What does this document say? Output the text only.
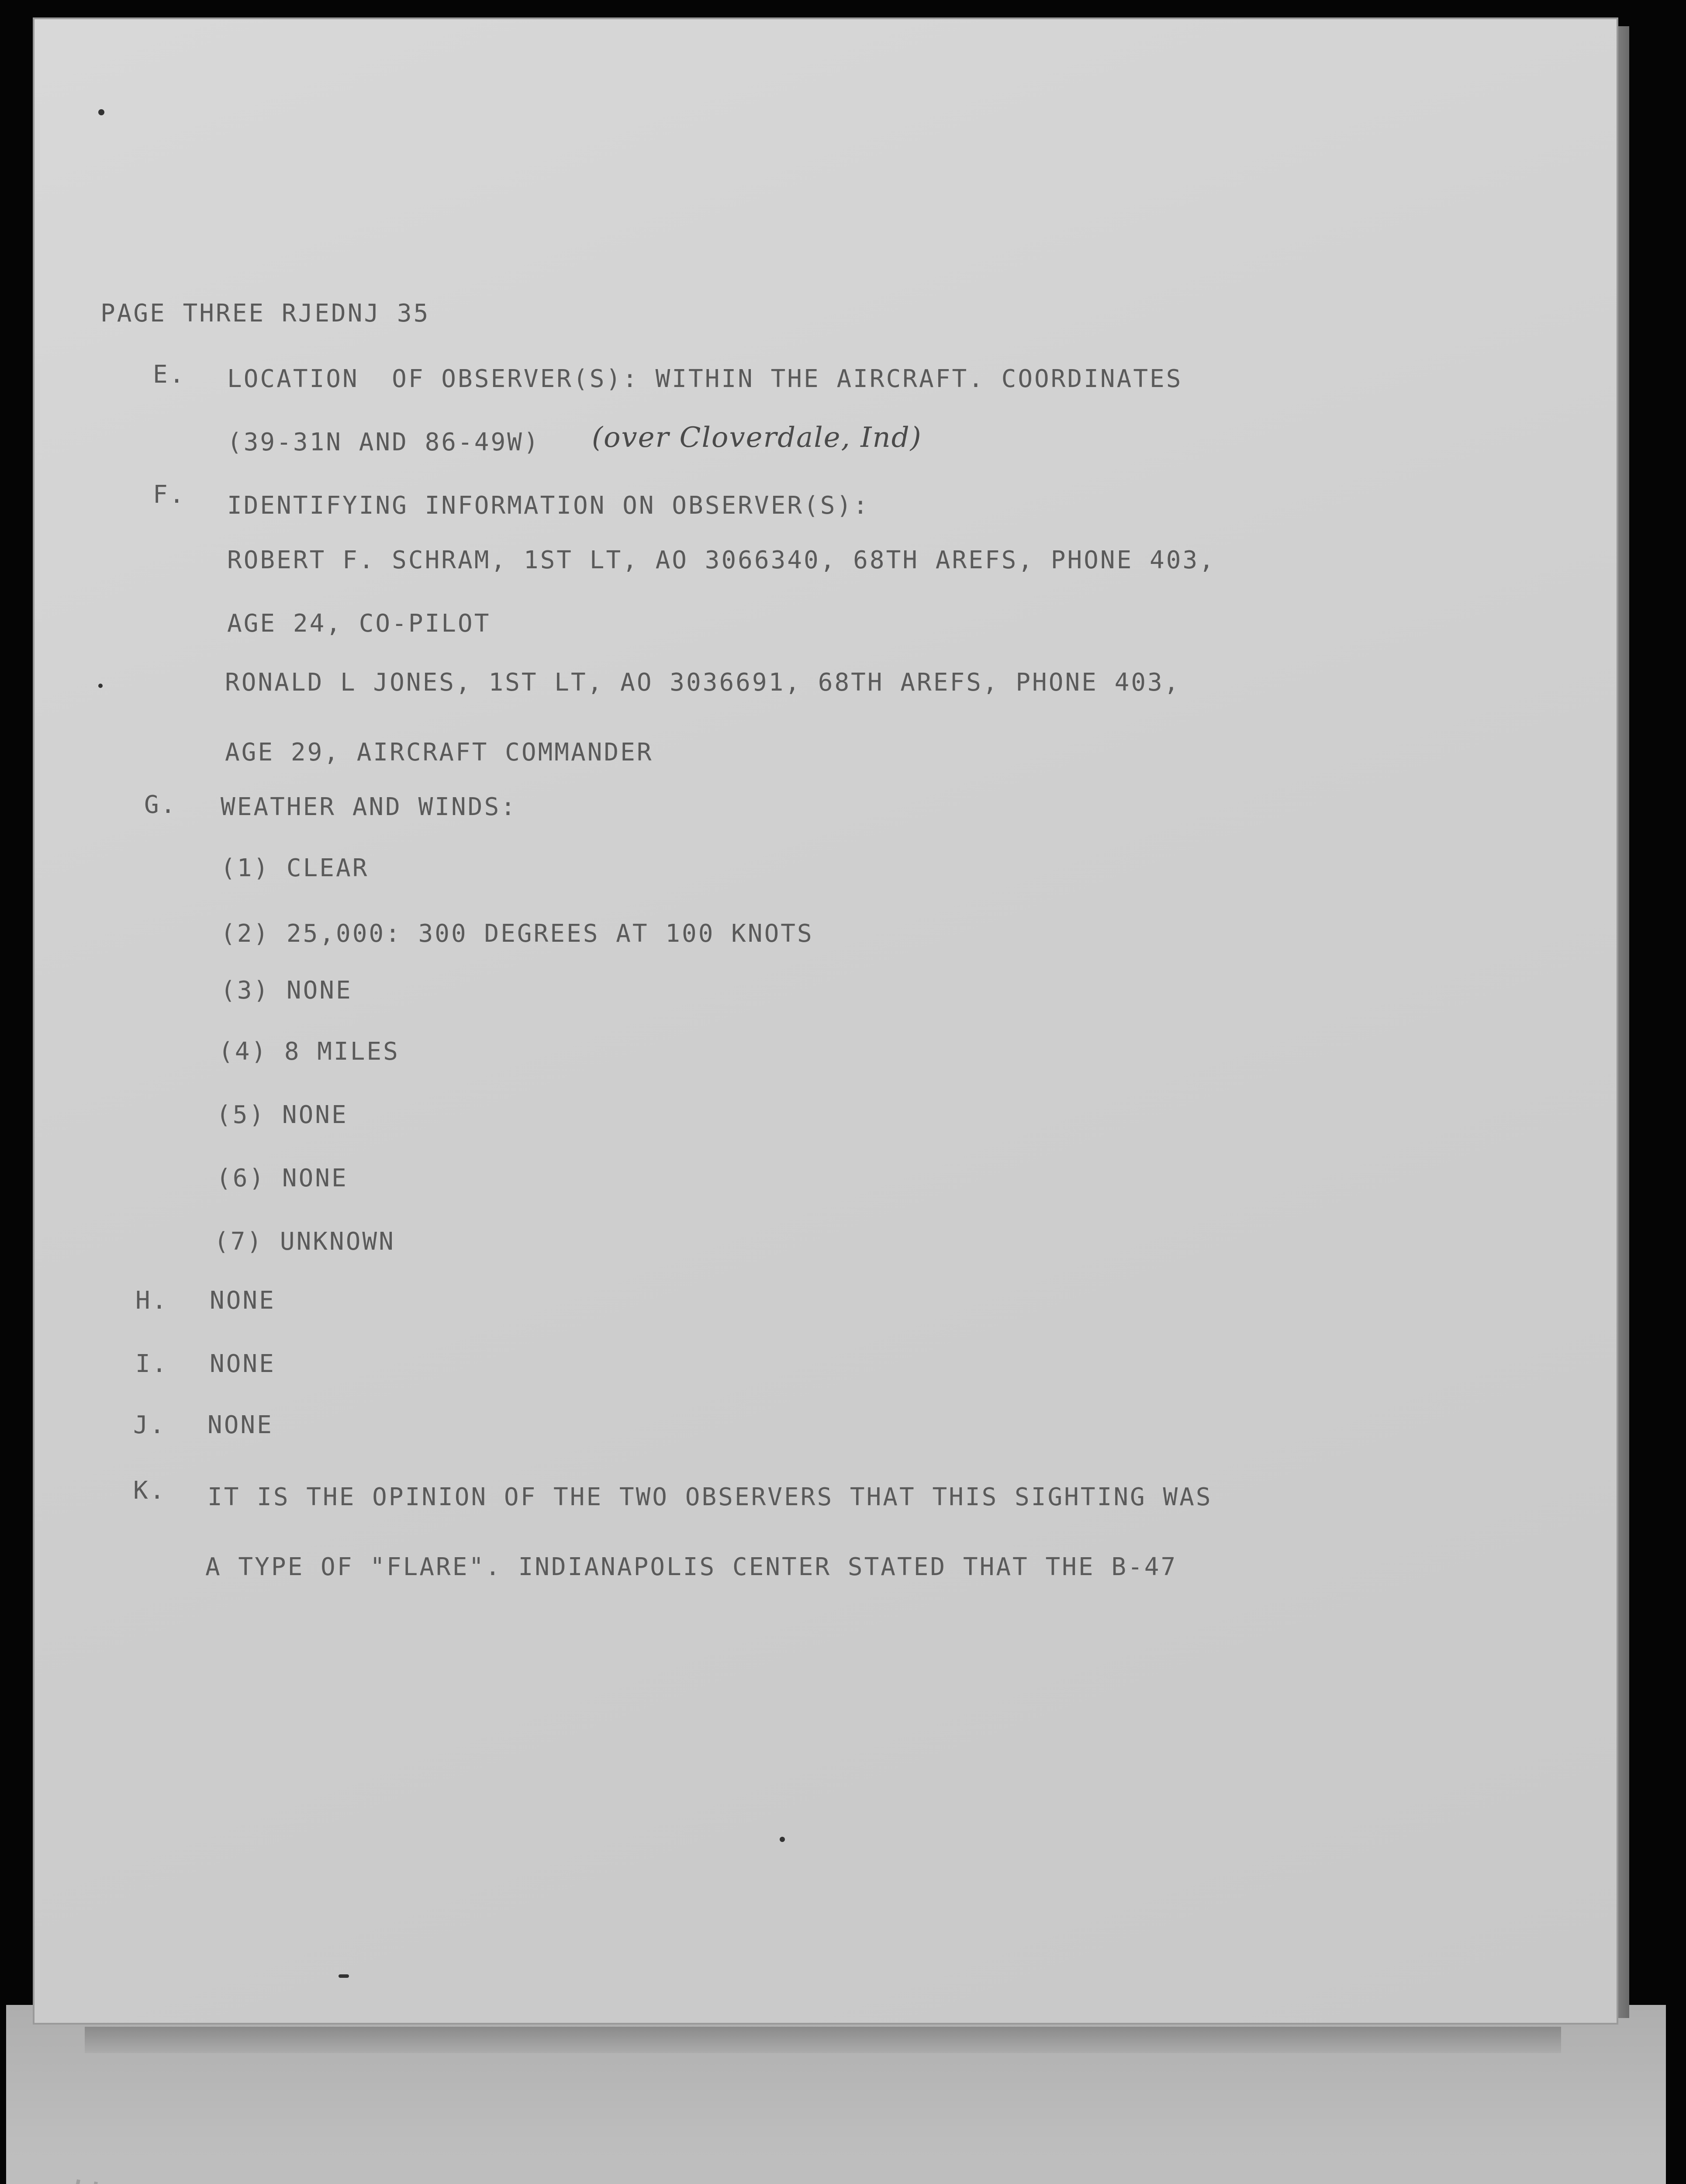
PAGE THREE RJEDNJ 35
E. LOCATION  OF OBSERVER(S): WITHIN THE AIRCRAFT. COORDINATES
(39-31N AND 86-49W) (over Cloverdale, Ind)
F. IDENTIFYING INFORMATION ON OBSERVER(S):
ROBERT F. SCHRAM, 1ST LT, AO 3066340, 68TH AREFS, PHONE 403,
AGE 24, CO-PILOT
RONALD L JONES, 1ST LT, AO 3036691, 68TH AREFS, PHONE 403,
AGE 29, AIRCRAFT COMMANDER
G. WEATHER AND WINDS:
(1) CLEAR
(2) 25,000: 300 DEGREES AT 100 KNOTS
(3) NONE
(4) 8 MILES
(5) NONE
(6) NONE
(7) UNKNOWN
H. NONE
I. NONE
J. NONE
K. IT IS THE OPINION OF THE TWO OBSERVERS THAT THIS SIGHTING WAS
A TYPE OF "FLARE". INDIANAPOLIS CENTER STATED THAT THE B-47
